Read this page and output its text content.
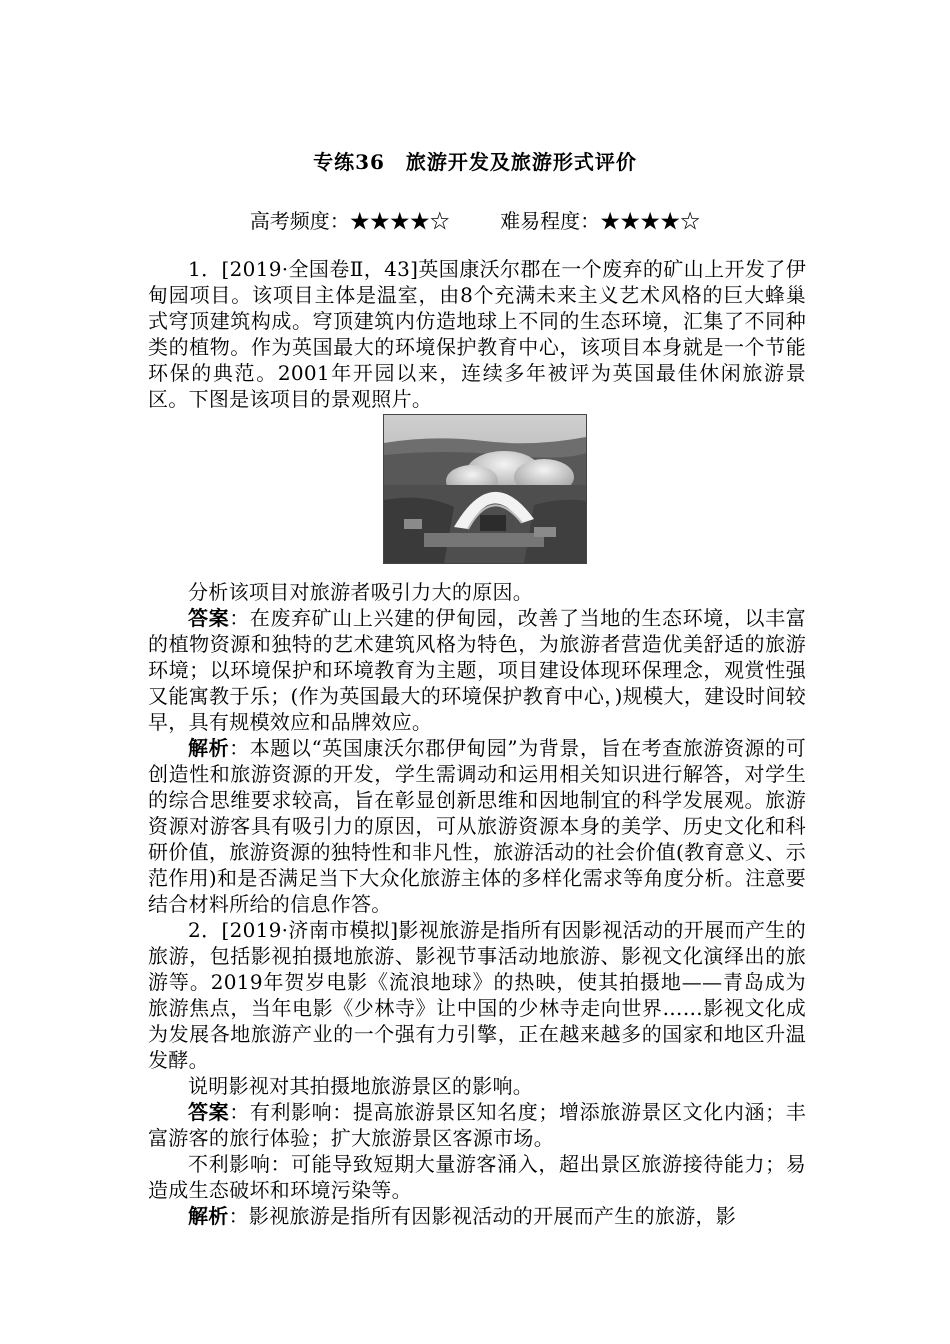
专练36　旅游开发及旅游形式评价
高考频度：★★★★☆	难易程度：★★★★☆

1．[2019·全国卷Ⅱ，43]英国康沃尔郡在一个废弃的矿山上开发了伊甸园项目。该项目主体是温室，由8个充满未来主义艺术风格的巨大蜂巢式穹顶建筑构成。穹顶建筑内仿造地球上不同的生态环境，汇集了不同种类的植物。作为英国最大的环境保护教育中心，该项目本身就是一个节能环保的典范。2001年开园以来，连续多年被评为英国最佳休闲旅游景区。下图是该项目的景观照片。

分析该项目对旅游者吸引力大的原因。

答案：在废弃矿山上兴建的伊甸园，改善了当地的生态环境，以丰富的植物资源和独特的艺术建筑风格为特色，为旅游者营造优美舒适的旅游环境；以环境保护和环境教育为主题，项目建设体现环保理念，观赏性强又能寓教于乐；(作为英国最大的环境保护教育中心，)规模大，建设时间较早，具有规模效应和品牌效应。

解析：本题以“英国康沃尔郡伊甸园”为背景，旨在考查旅游资源的可创造性和旅游资源的开发，学生需调动和运用相关知识进行解答，对学生的综合思维要求较高，旨在彰显创新思维和因地制宜的科学发展观。旅游资源对游客具有吸引力的原因，可从旅游资源本身的美学、历史文化和科研价值，旅游资源的独特性和非凡性，旅游活动的社会价值(教育意义、示范作用)和是否满足当下大众化旅游主体的多样化需求等角度分析。注意要结合材料所给的信息作答。

2．[2019·济南市模拟]影视旅游是指所有因影视活动的开展而产生的旅游，包括影视拍摄地旅游、影视节事活动地旅游、影视文化演绎出的旅游等。2019年贺岁电影《流浪地球》的热映，使其拍摄地——青岛成为旅游焦点，当年电影《少林寺》让中国的少林寺走向世界……影视文化成为发展各地旅游产业的一个强有力引擎，正在越来越多的国家和地区升温发酵。

说明影视对其拍摄地旅游景区的影响。

答案：有利影响：提高旅游景区知名度；增添旅游景区文化内涵；丰富游客的旅行体验；扩大旅游景区客源市场。

不利影响：可能导致短期大量游客涌入，超出景区旅游接待能力；易造成生态破坏和环境污染等。

解析：影视旅游是指所有因影视活动的开展而产生的旅游，影
